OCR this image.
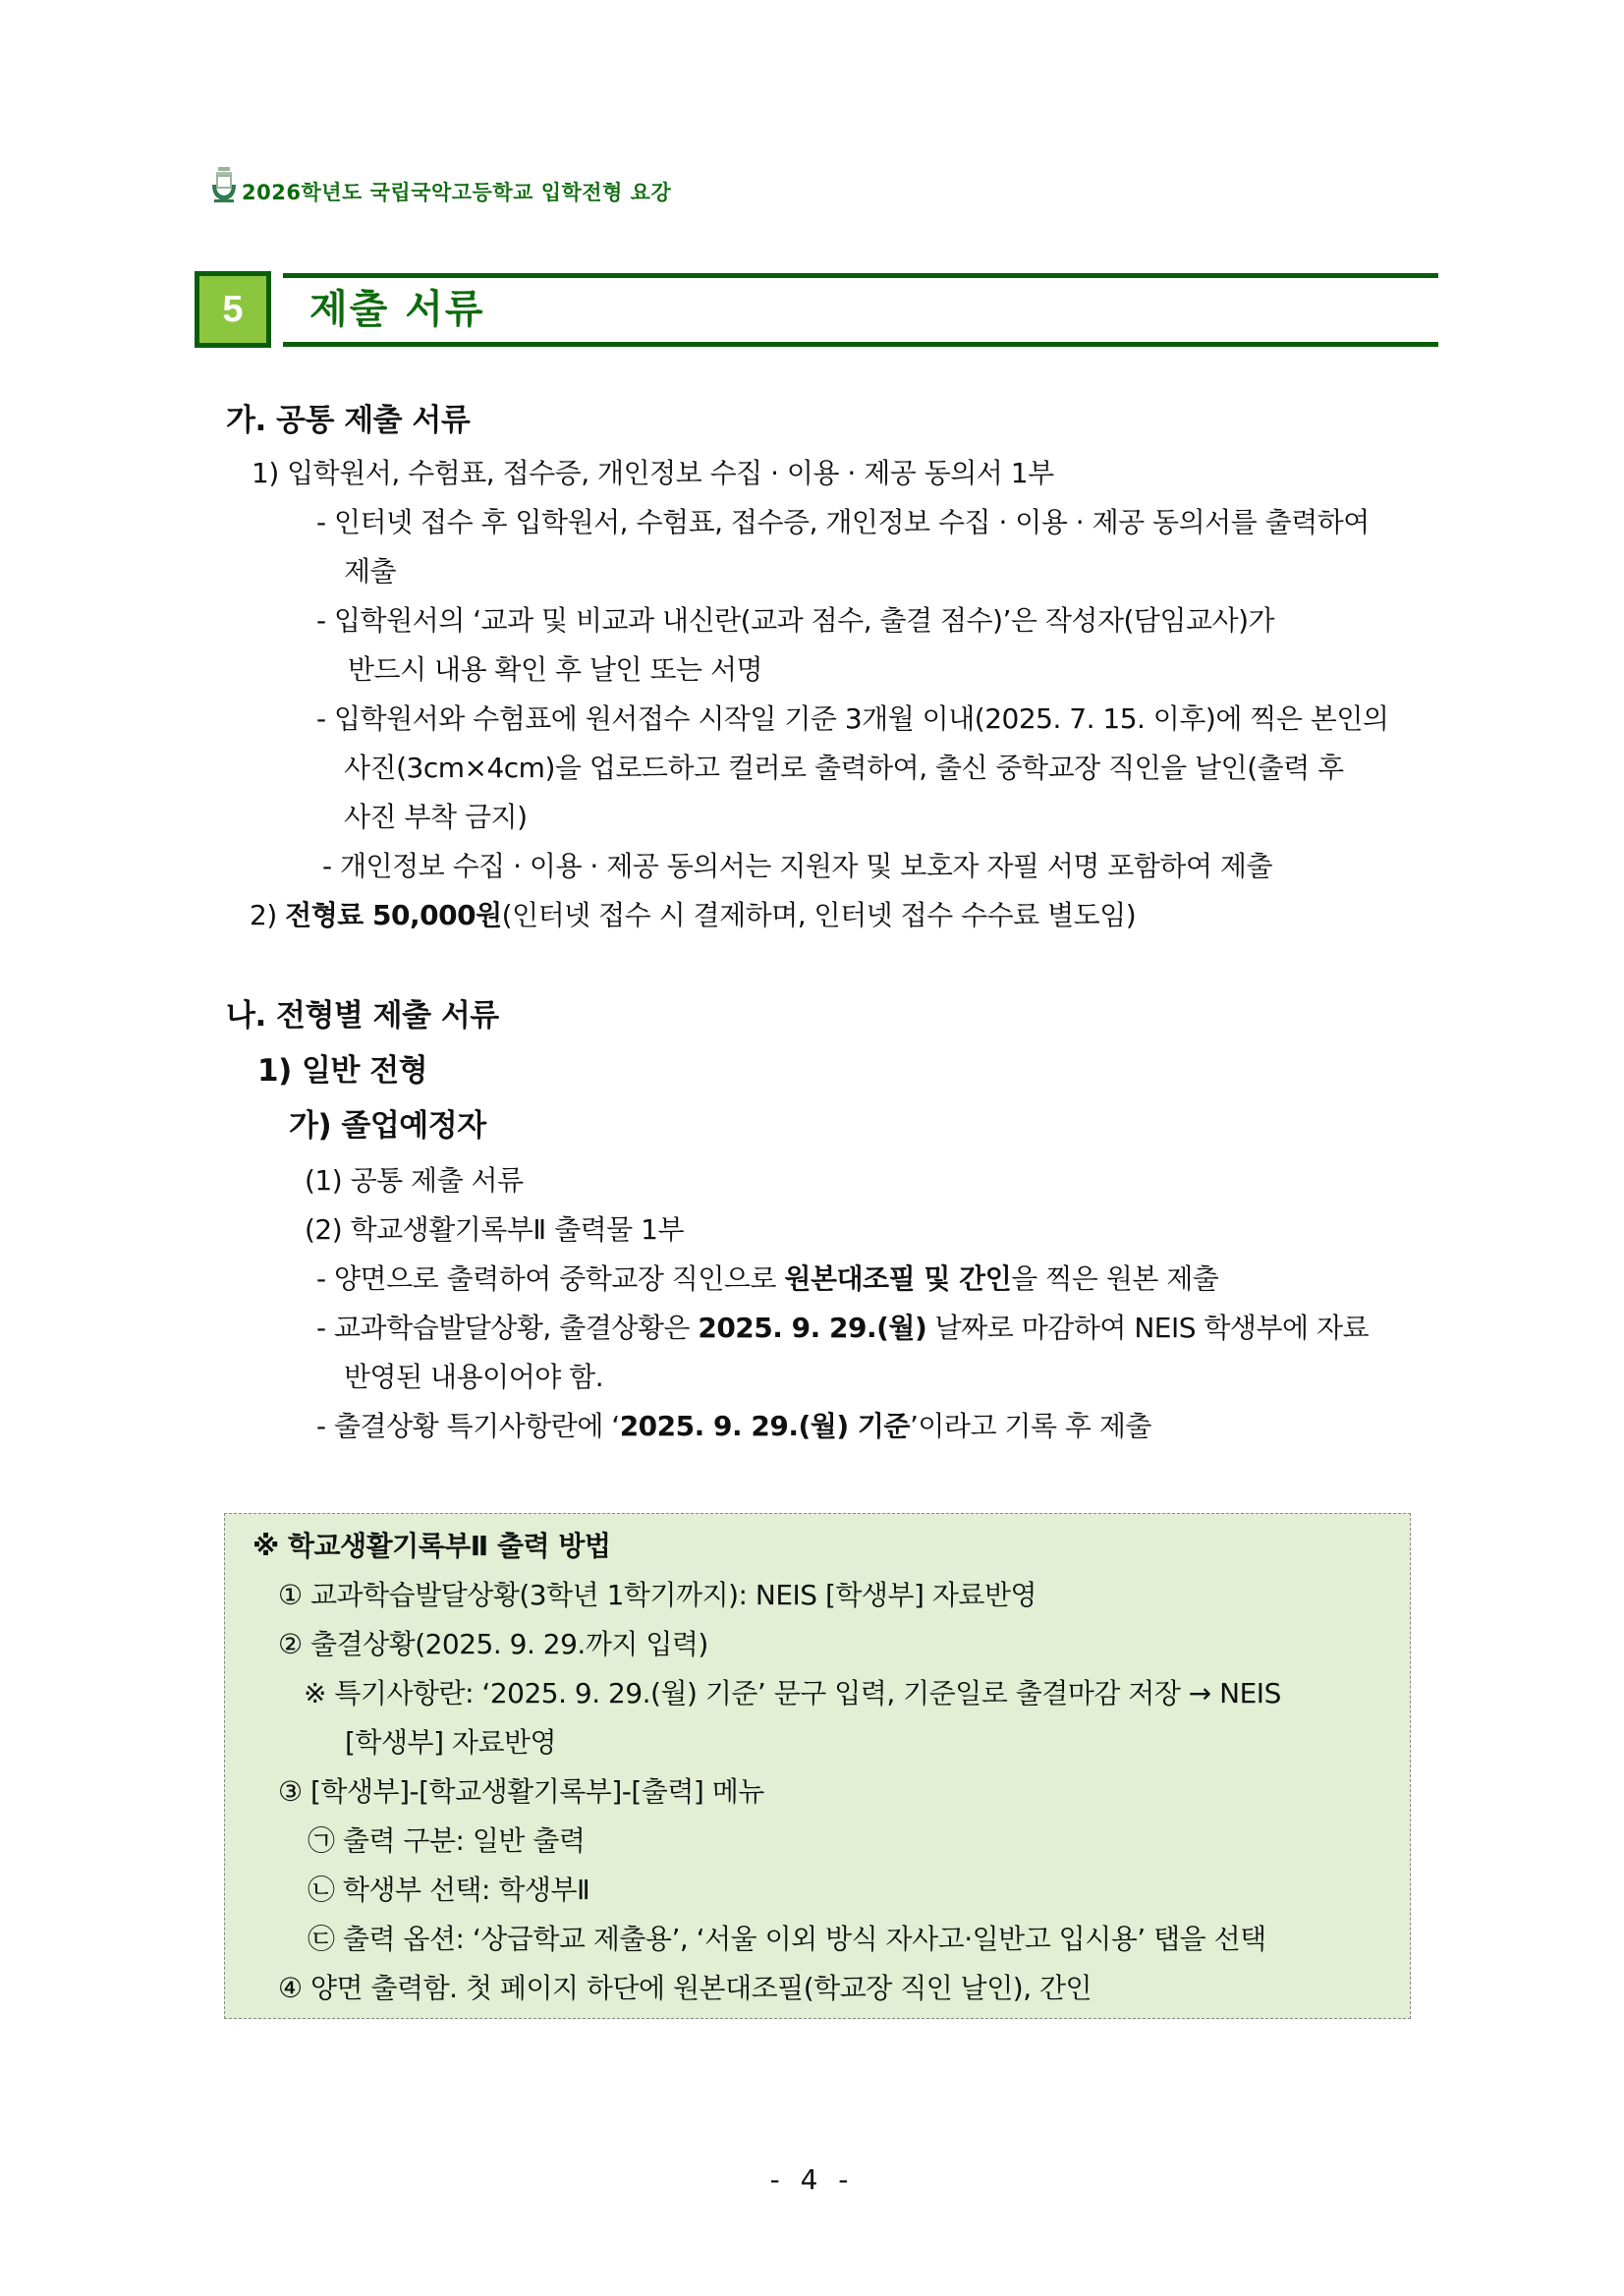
2026학년도 국립국악고등학교 입학전형 요강
5	제출 서류
가. 공통 제출 서류
1) 입학원서, 수험표, 접수증, 개인정보 수집 · 이용 · 제공 동의서 1부
- 인터넷 접수 후 입학원서, 수험표, 접수증, 개인정보 수집 · 이용 · 제공 동의서를 출력하여
제출
- 입학원서의 ‘교과 및 비교과 내신란(교과 점수, 출결 점수)’은 작성자(담임교사)가
반드시 내용 확인 후 날인 또는 서명
- 입학원서와 수험표에 원서접수 시작일 기준 3개월 이내(2025. 7. 15. 이후)에 찍은 본인의
사진(3cm×4cm)을 업로드하고 컬러로 출력하여, 출신 중학교장 직인을 날인(출력 후
사진 부착 금지)
- 개인정보 수집 · 이용 · 제공 동의서는 지원자 및 보호자 자필 서명 포함하여 제출
2) 전형료 50,000원(인터넷 접수 시 결제하며, 인터넷 접수 수수료 별도임)
나. 전형별 제출 서류
1) 일반 전형
가) 졸업예정자
(1) 공통 제출 서류
(2) 학교생활기록부Ⅱ 출력물 1부
- 양면으로 출력하여 중학교장 직인으로 원본대조필 및 간인을 찍은 원본 제출
- 교과학습발달상황, 출결상황은 2025. 9. 29.(월) 날짜로 마감하여 NEIS 학생부에 자료
반영된 내용이어야 함.
- 출결상황 특기사항란에 ‘2025. 9. 29.(월) 기준’이라고 기록 후 제출
※ 학교생활기록부Ⅱ 출력 방법
① 교과학습발달상황(3학년 1학기까지): NEIS [학생부] 자료반영
② 출결상황(2025. 9. 29.까지 입력)
※ 특기사항란: ‘2025. 9. 29.(월) 기준’ 문구 입력, 기준일로 출결마감 저장 → NEIS
[학생부] 자료반영
③ [학생부]-[학교생활기록부]-[출력] 메뉴
㉠ 출력 구분: 일반 출력
㉡ 학생부 선택: 학생부Ⅱ
㉢ 출력 옵션: ‘상급학교 제출용’, ‘서울 이외 방식 자사고·일반고 입시용’ 탭을 선택
④ 양면 출력함. 첫 페이지 하단에 원본대조필(학교장 직인 날인), 간인
- 4 -
